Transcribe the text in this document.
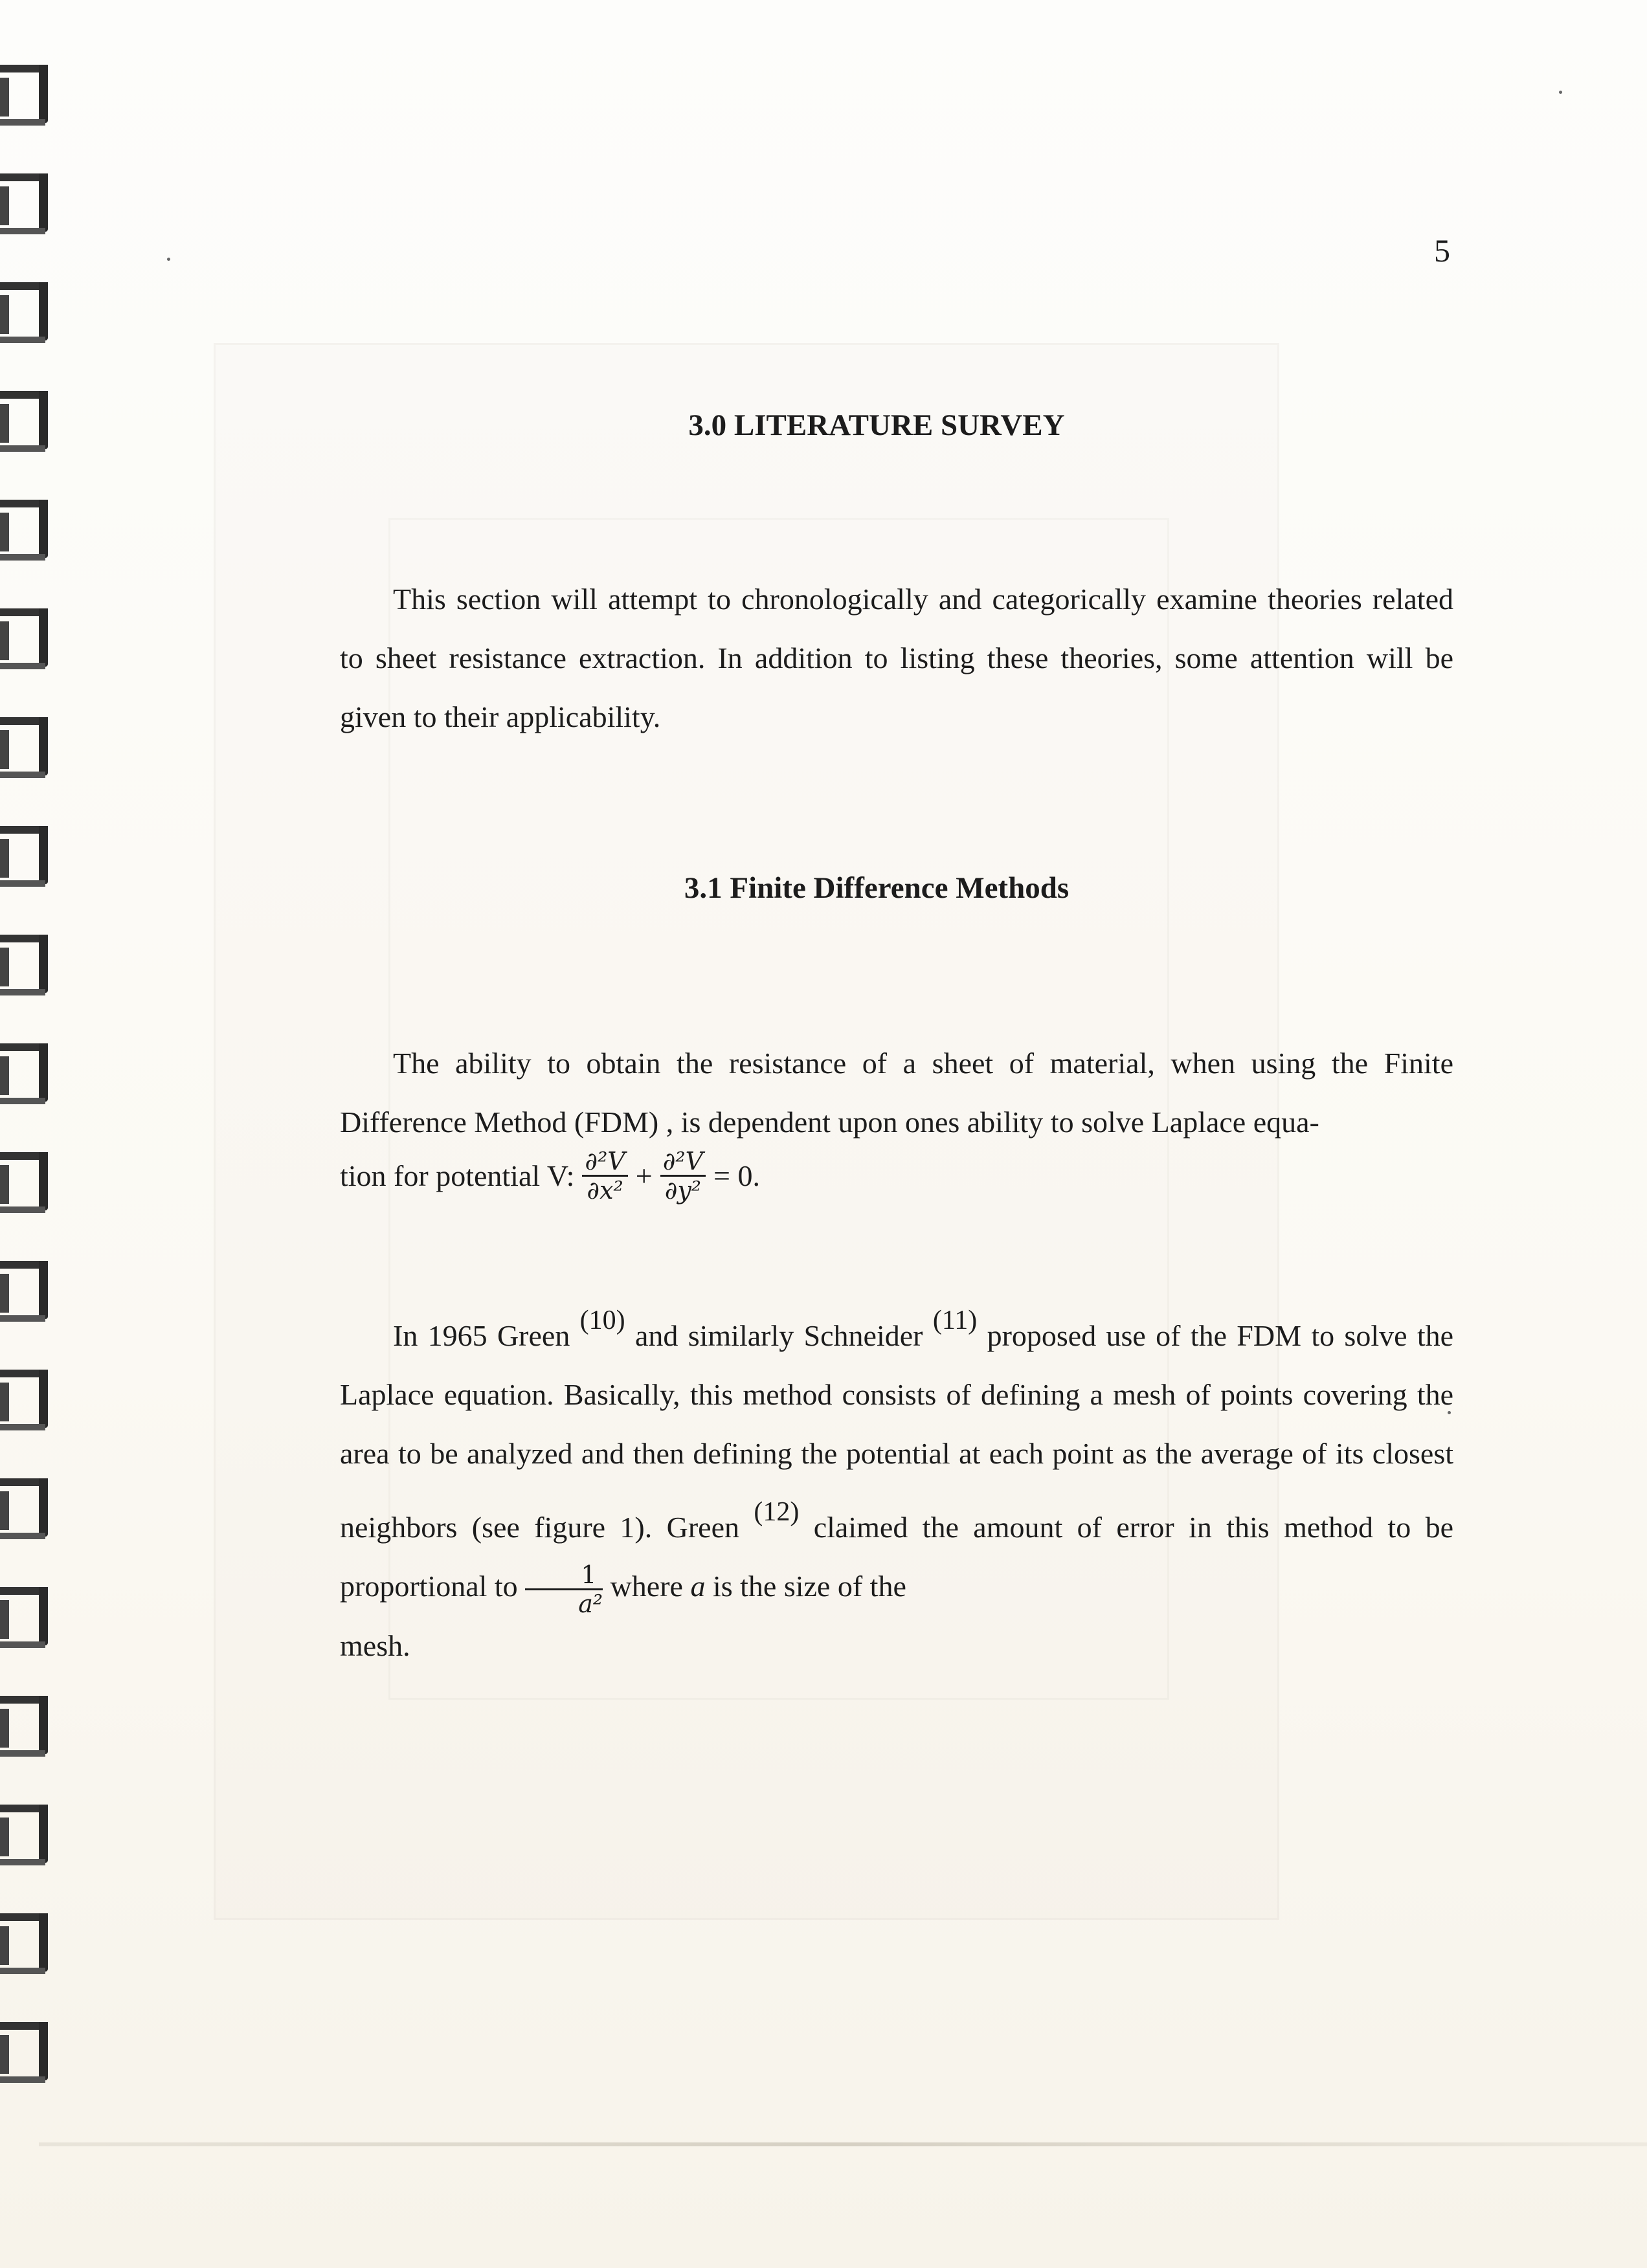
5
3.0 LITERATURE SURVEY
This section will attempt to chronologically and categorically examine theories related to sheet resistance extraction. In addition to listing these theories, some attention will be given to their applicability.
3.1 Finite Difference Methods
The ability to obtain the resistance of a sheet of material, when using the Finite Difference Method (FDM) , is dependent upon ones ability to solve Laplace equa-
tion for potential V: $\frac{\text{∂²V}}{\text{∂x²}} + \frac{\text{∂²V}}{\text{∂y²}} = 0$.
In 1965 Green (10) and similarly Schneider (11) proposed use of the FDM to solve the Laplace equation. Basically, this method consists of defining a mesh of points covering the area to be analyzed and then defining the potential at each point as the average of its closest neighbors (see figure 1). Green (12) claimed the amount of error in this method to be proportional to $\frac{1}{\text{a²}}$ where a is the size of the
mesh.
